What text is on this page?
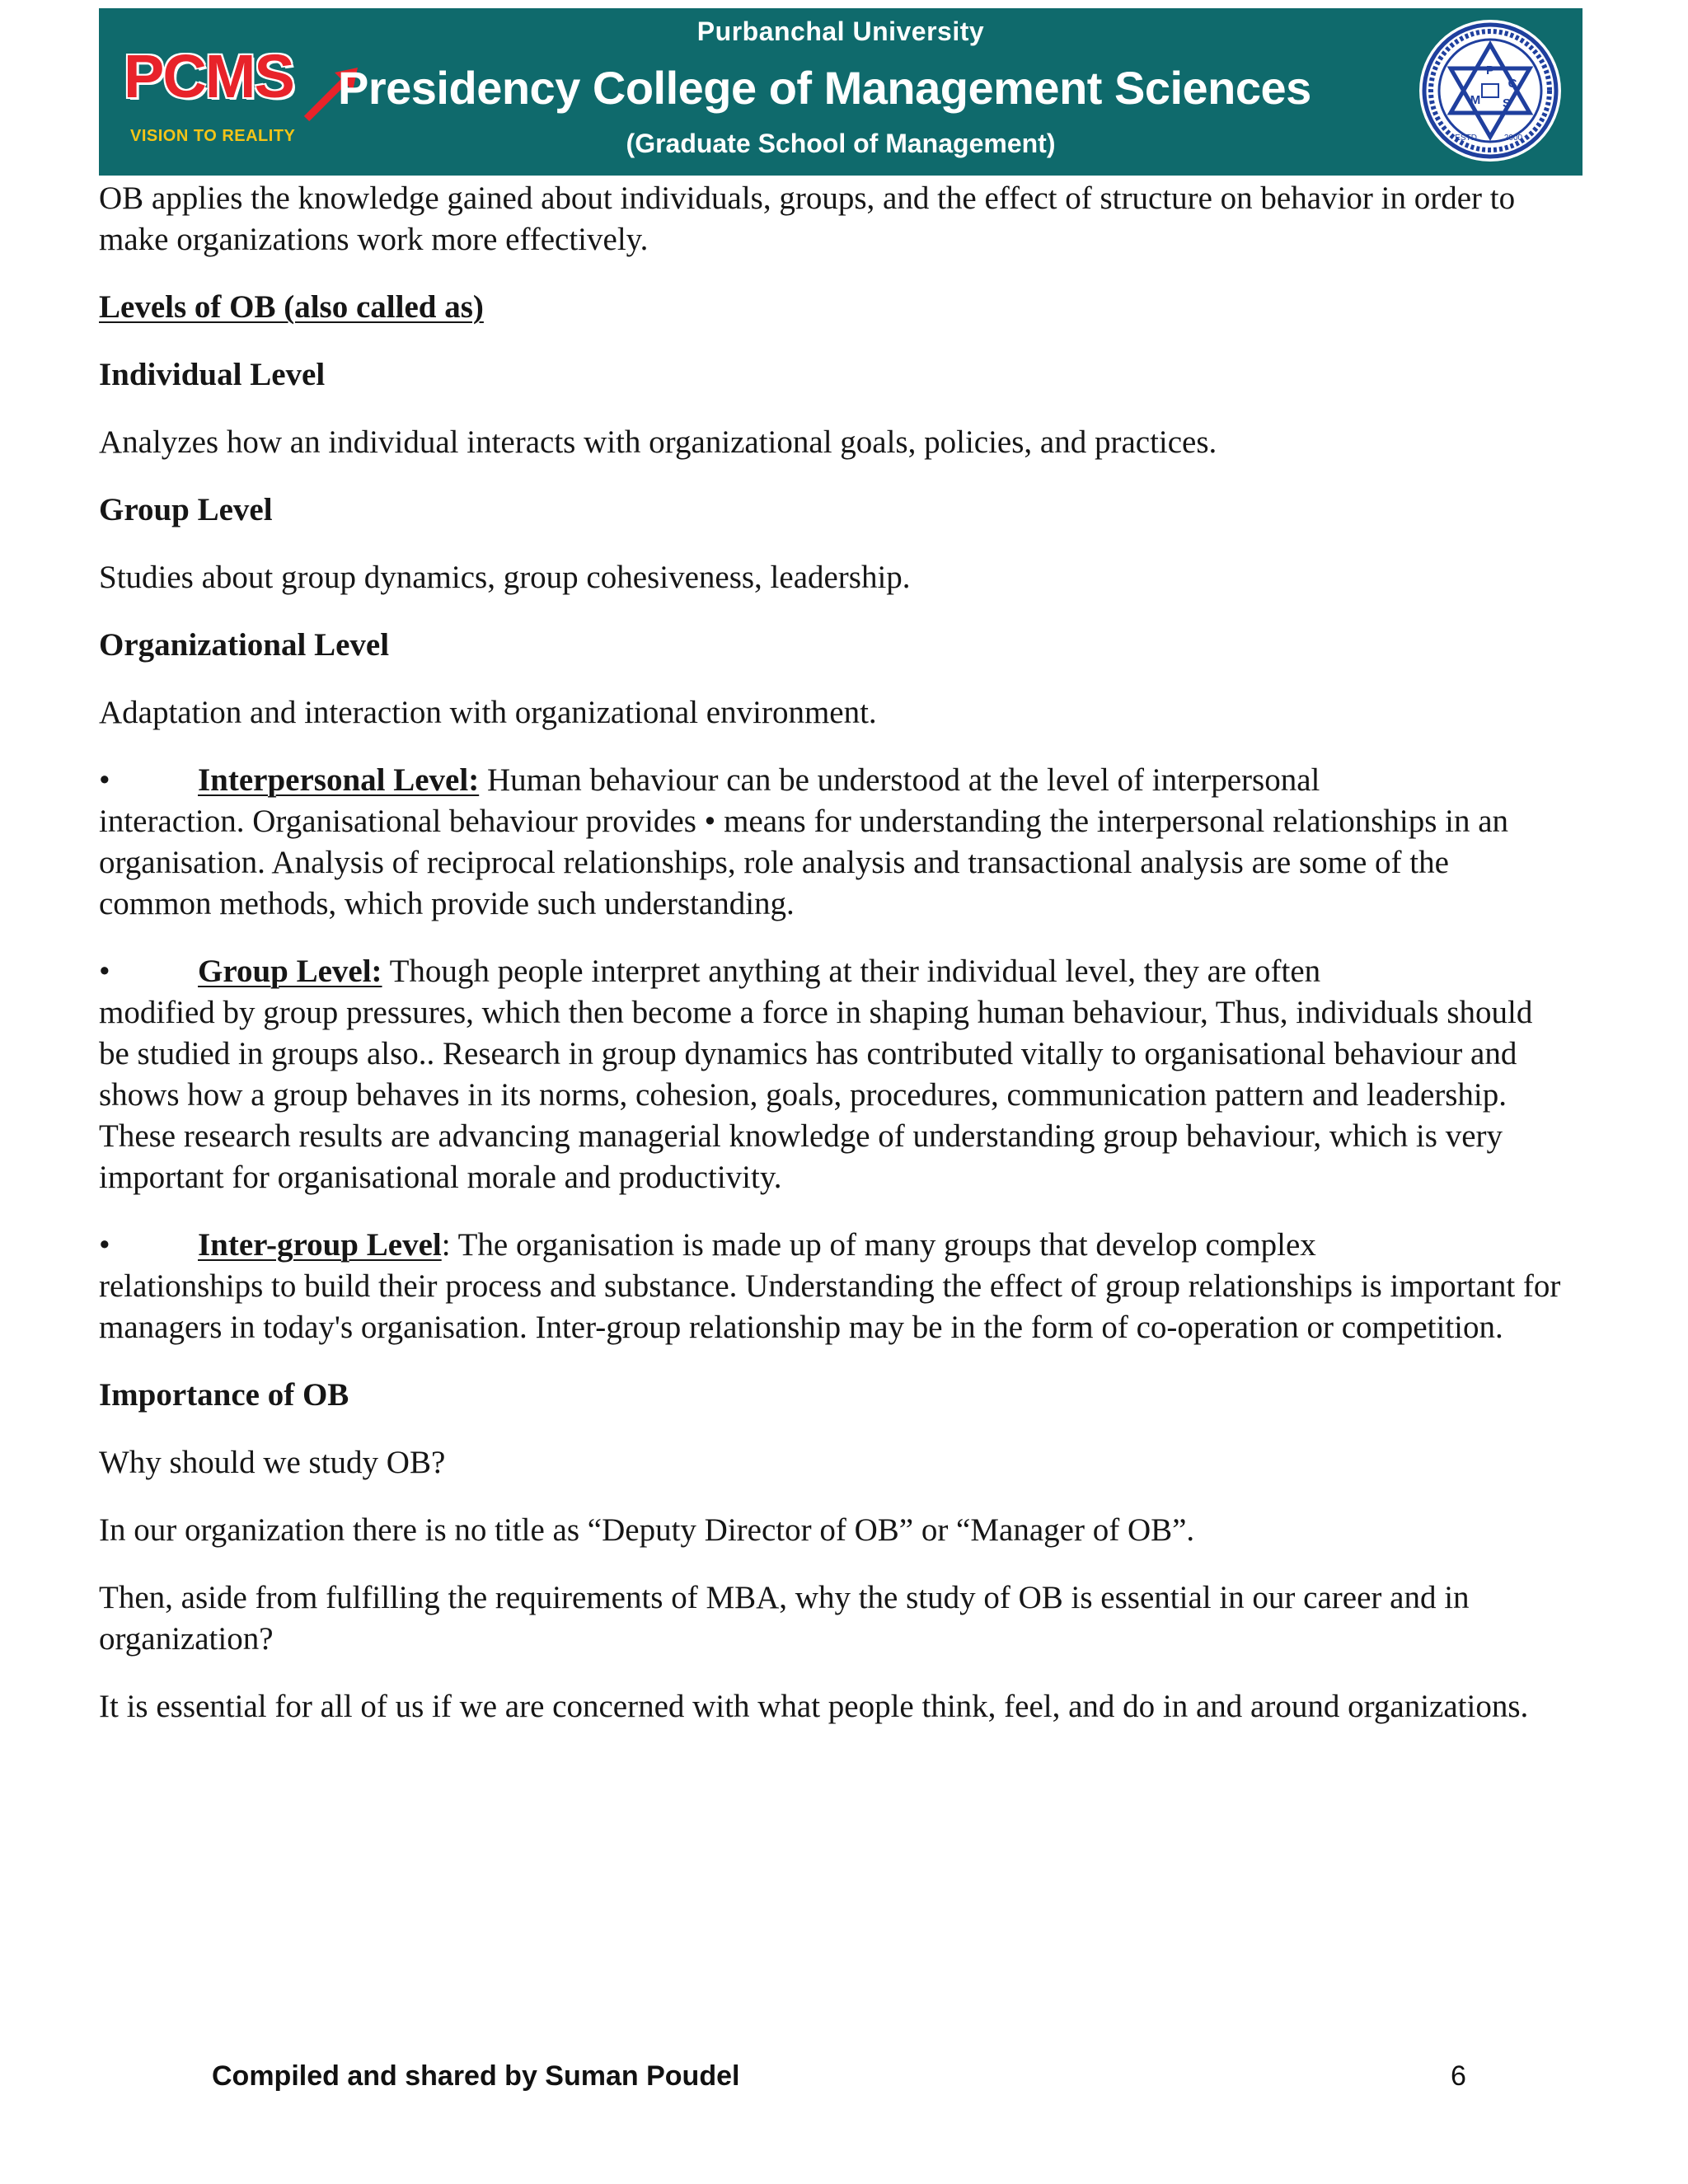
PCMS
VISION TO REALITY
Purbanchal University
Presidency College of Management Sciences
(Graduate School of Management)
P
C
M S
ESTD.	2000

OB applies the knowledge gained about individuals, groups, and the effect of structure on behavior in order to make organizations work more effectively.

Levels of OB (also called as)

Individual Level

Analyzes how an individual interacts with organizational goals, policies, and practices.

Group Level

Studies about group dynamics, group cohesiveness, leadership.

Organizational Level

Adaptation and interaction with organizational environment.

•	Interpersonal Level: Human behaviour can be understood at the level of interpersonal
interaction. Organisational behaviour provides • means for understanding the interpersonal relationships in an organisation. Analysis of reciprocal relationships, role analysis and transactional analysis are some of the common methods, which provide such understanding.
•	Group Level: Though people interpret anything at their individual level, they are often
modified by group pressures, which then become a force in shaping human behaviour, Thus, individuals should be studied in groups also.. Research in group dynamics has contributed vitally to organisational behaviour and shows how a group behaves in its norms, cohesion, goals, procedures, communication pattern and leadership. These research results are advancing managerial knowledge of understanding group behaviour, which is very important for organisational morale and productivity.
•	Inter-group Level: The organisation is made up of many groups that develop complex
relationships to build their process and substance. Understanding the effect of group relationships is important for managers in today's organisation. Inter-group relationship may be in the form of co-operation or competition.

Importance of OB

Why should we study OB?

In our organization there is no title as “Deputy Director of OB” or “Manager of OB”.

Then, aside from fulfilling the requirements of MBA, why the study of OB is essential in our career and in organization?

It is essential for all of us if we are concerned with what people think, feel, and do in and around organizations.

Compiled and shared by Suman Poudel	6
